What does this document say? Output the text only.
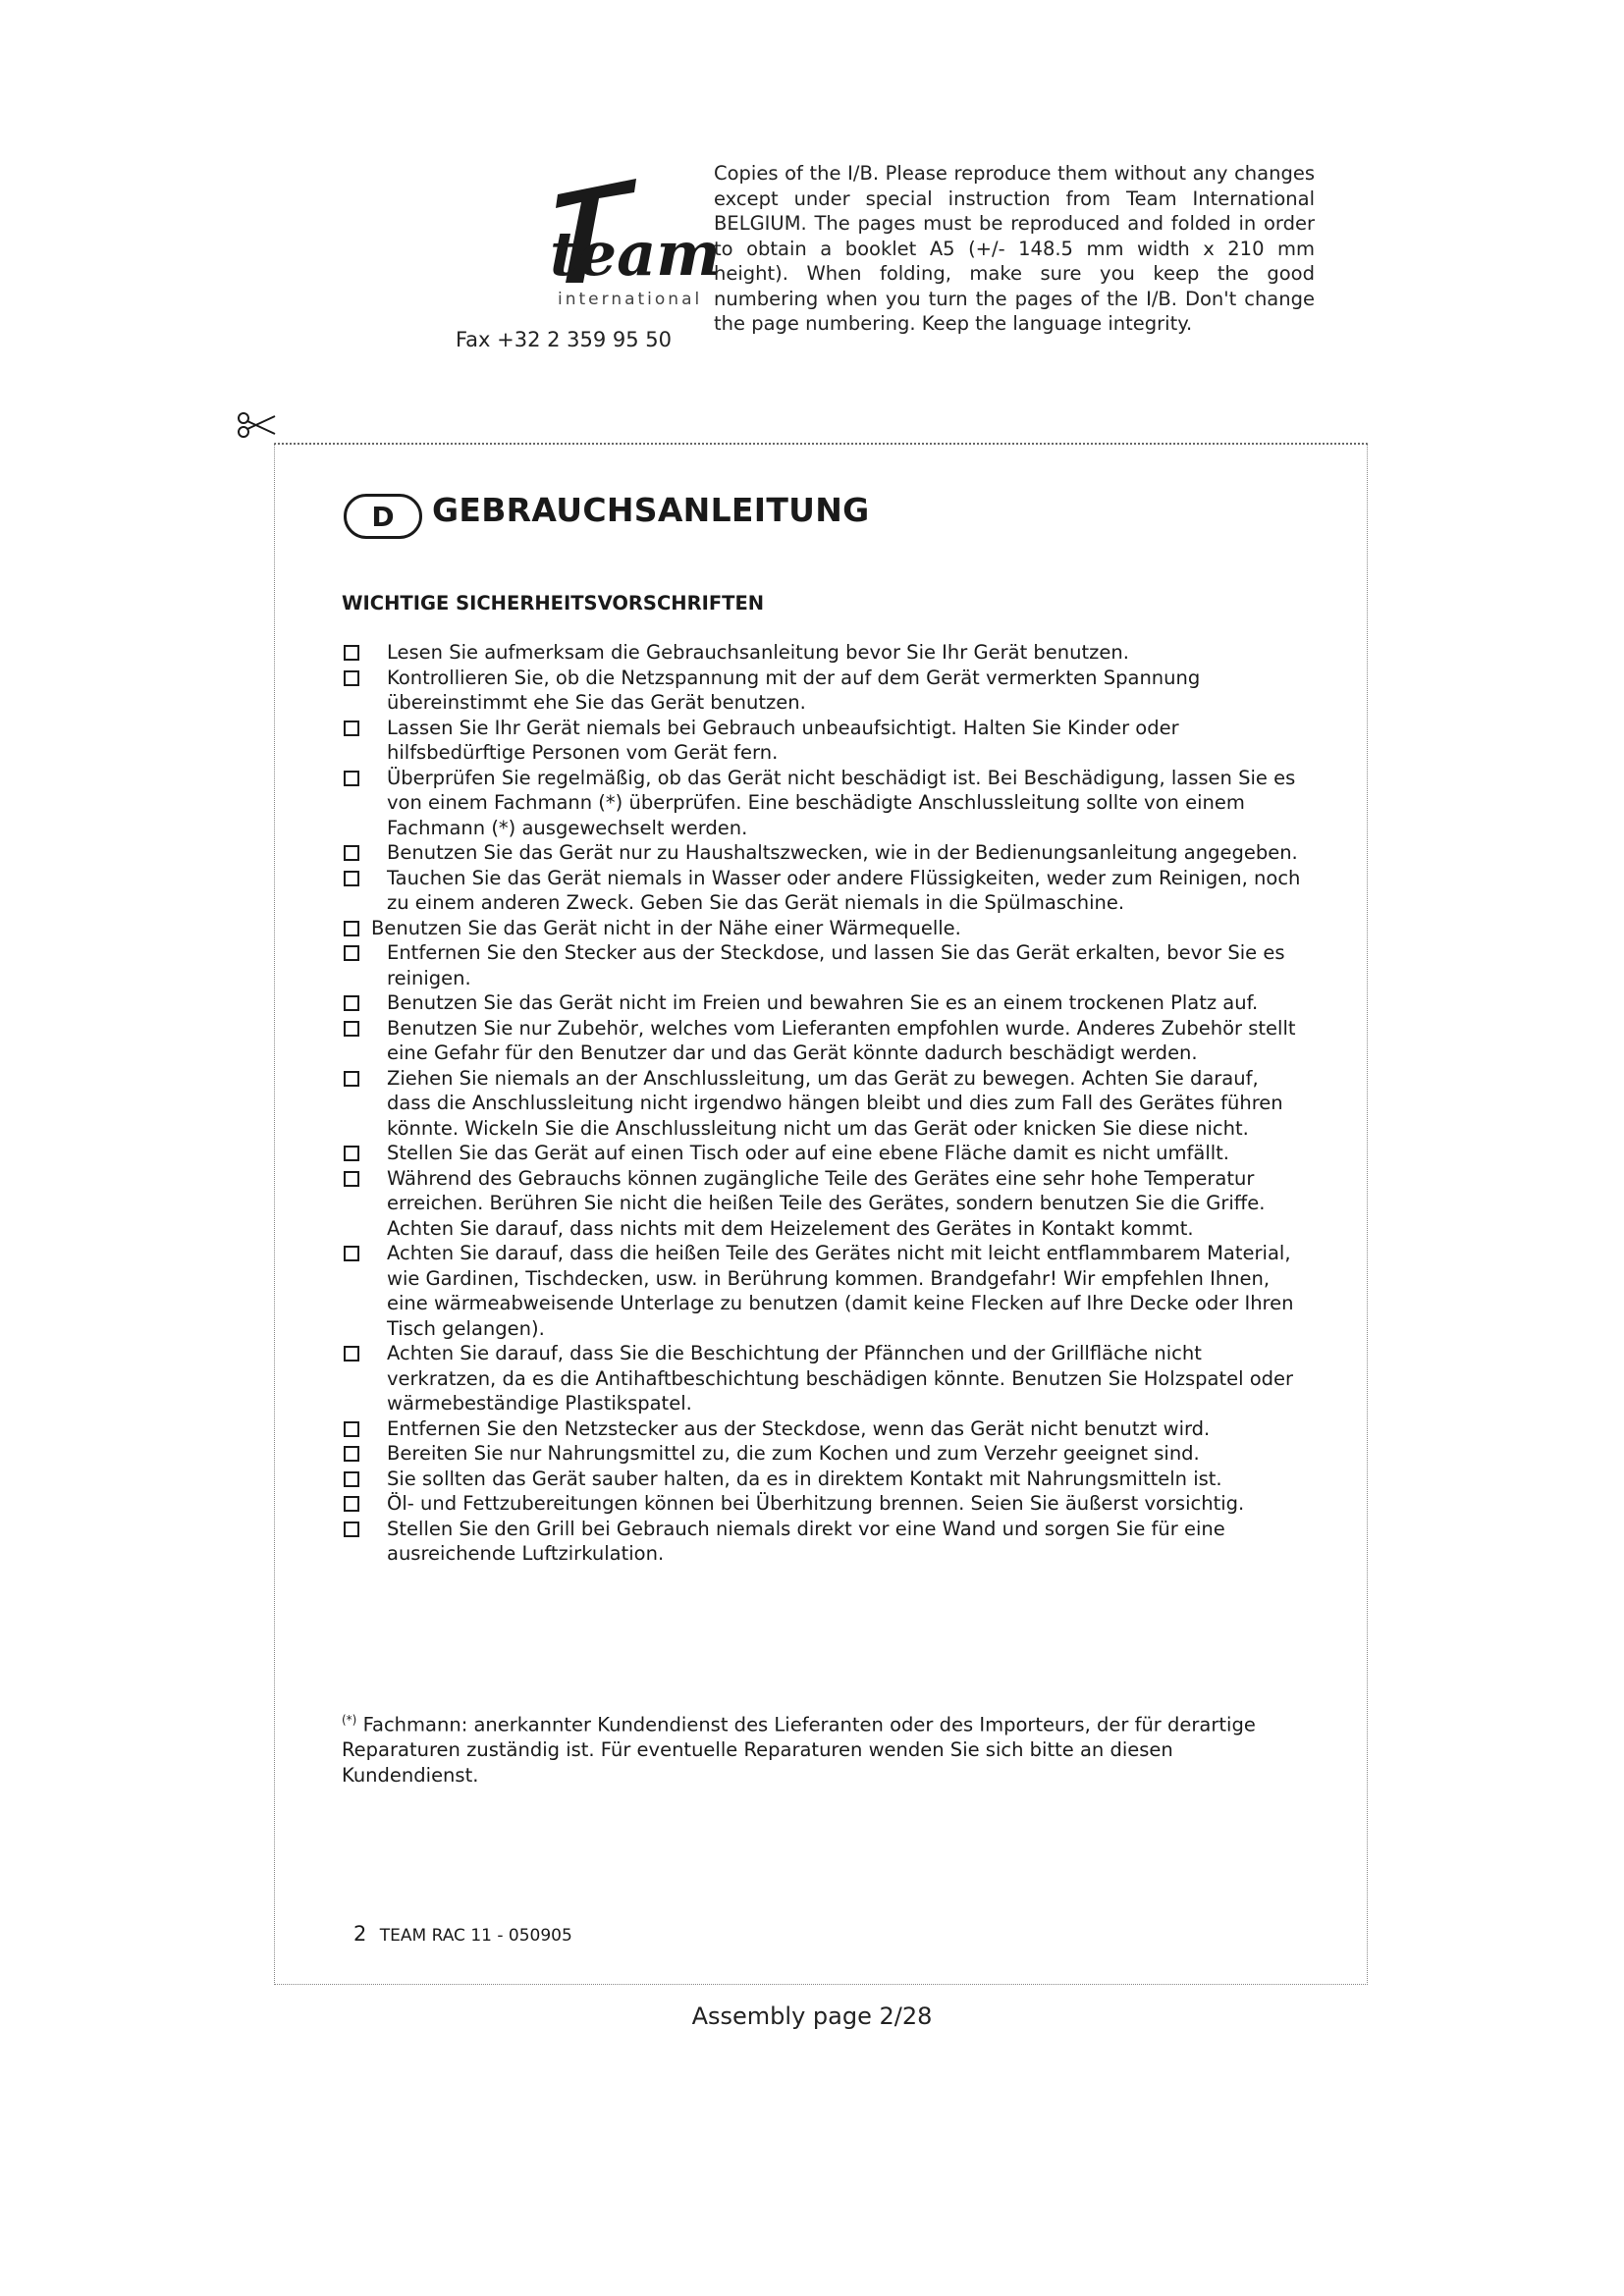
team
international
Fax +32 2 359 95 50
Copies of the I/B. Please reproduce them without any changes except under special instruction from Team International BELGIUM. The pages must be reproduced and folded in order to obtain a booklet A5 (+/- 148.5 mm width x 210 mm height). When folding, make sure you keep the good numbering when you turn the pages of the I/B. Don't change the page numbering. Keep the language integrity.
D	GEBRAUCHSANLEITUNG
WICHTIGE SICHERHEITSVORSCHRIFTEN
Lesen Sie aufmerksam die Gebrauchsanleitung bevor Sie Ihr Gerät benutzen.
Kontrollieren Sie, ob die Netzspannung mit der auf dem Gerät vermerkten Spannung übereinstimmt ehe Sie das Gerät benutzen.
Lassen Sie Ihr Gerät niemals bei Gebrauch unbeaufsichtigt. Halten Sie Kinder oder hilfsbedürftige Personen vom Gerät fern.
Überprüfen Sie regelmäßig, ob das Gerät nicht beschädigt ist. Bei Beschädigung, lassen Sie es von einem Fachmann (*) überprüfen. Eine beschädigte Anschlussleitung sollte von einem Fachmann (*) ausgewechselt werden.
Benutzen Sie das Gerät nur zu Haushaltszwecken, wie in der Bedienungsanleitung angegeben.
Tauchen Sie das Gerät niemals in Wasser oder andere Flüssigkeiten, weder zum Reinigen, noch zu einem anderen Zweck. Geben Sie das Gerät niemals in die Spülmaschine.
Benutzen Sie das Gerät nicht in der Nähe einer Wärmequelle.
Entfernen Sie den Stecker aus der Steckdose, und lassen Sie das Gerät erkalten, bevor Sie es reinigen.
Benutzen Sie das Gerät nicht im Freien und bewahren Sie es an einem trockenen Platz auf.
Benutzen Sie nur Zubehör, welches vom Lieferanten empfohlen wurde. Anderes Zubehör stellt eine Gefahr für den Benutzer dar und das Gerät könnte dadurch beschädigt werden.
Ziehen Sie niemals an der Anschlussleitung, um das Gerät zu bewegen. Achten Sie darauf, dass die Anschlussleitung nicht irgendwo hängen bleibt und dies zum Fall des Gerätes führen könnte. Wickeln Sie die Anschlussleitung nicht um das Gerät oder knicken Sie diese nicht.
Stellen Sie das Gerät auf einen Tisch oder auf eine ebene Fläche damit es nicht umfällt.
Während des Gebrauchs können zugängliche Teile des Gerätes eine sehr hohe Temperatur erreichen. Berühren Sie nicht die heißen Teile des Gerätes, sondern benutzen Sie die Griffe. Achten Sie darauf, dass nichts mit dem Heizelement des Gerätes in Kontakt kommt.
Achten Sie darauf, dass die heißen Teile des Gerätes nicht mit leicht entflammbarem Material, wie Gardinen, Tischdecken, usw. in Berührung kommen. Brandgefahr! Wir empfehlen Ihnen, eine wärmeabweisende Unterlage zu benutzen (damit keine Flecken auf Ihre Decke oder Ihren Tisch gelangen).
Achten Sie darauf, dass Sie die Beschichtung der Pfännchen und der Grillfläche nicht verkratzen, da es die Antihaftbeschichtung beschädigen könnte. Benutzen Sie Holzspatel oder wärmebeständige Plastikspatel.
Entfernen Sie den Netzstecker aus der Steckdose, wenn das Gerät nicht benutzt wird.
Bereiten Sie nur Nahrungsmittel zu, die zum Kochen und zum Verzehr geeignet sind.
Sie sollten das Gerät sauber halten, da es in direktem Kontakt mit Nahrungsmitteln ist.
Öl- und Fettzubereitungen können bei Überhitzung brennen. Seien Sie äußerst vorsichtig.
Stellen Sie den Grill bei Gebrauch niemals direkt vor eine Wand und sorgen Sie für eine ausreichende Luftzirkulation.
(*) Fachmann: anerkannter Kundendienst des Lieferanten oder des Importeurs, der für derartige Reparaturen zuständig ist. Für eventuelle Reparaturen wenden Sie sich bitte an diesen Kundendienst.
2 TEAM RAC 11 - 050905
Assembly page 2/28
